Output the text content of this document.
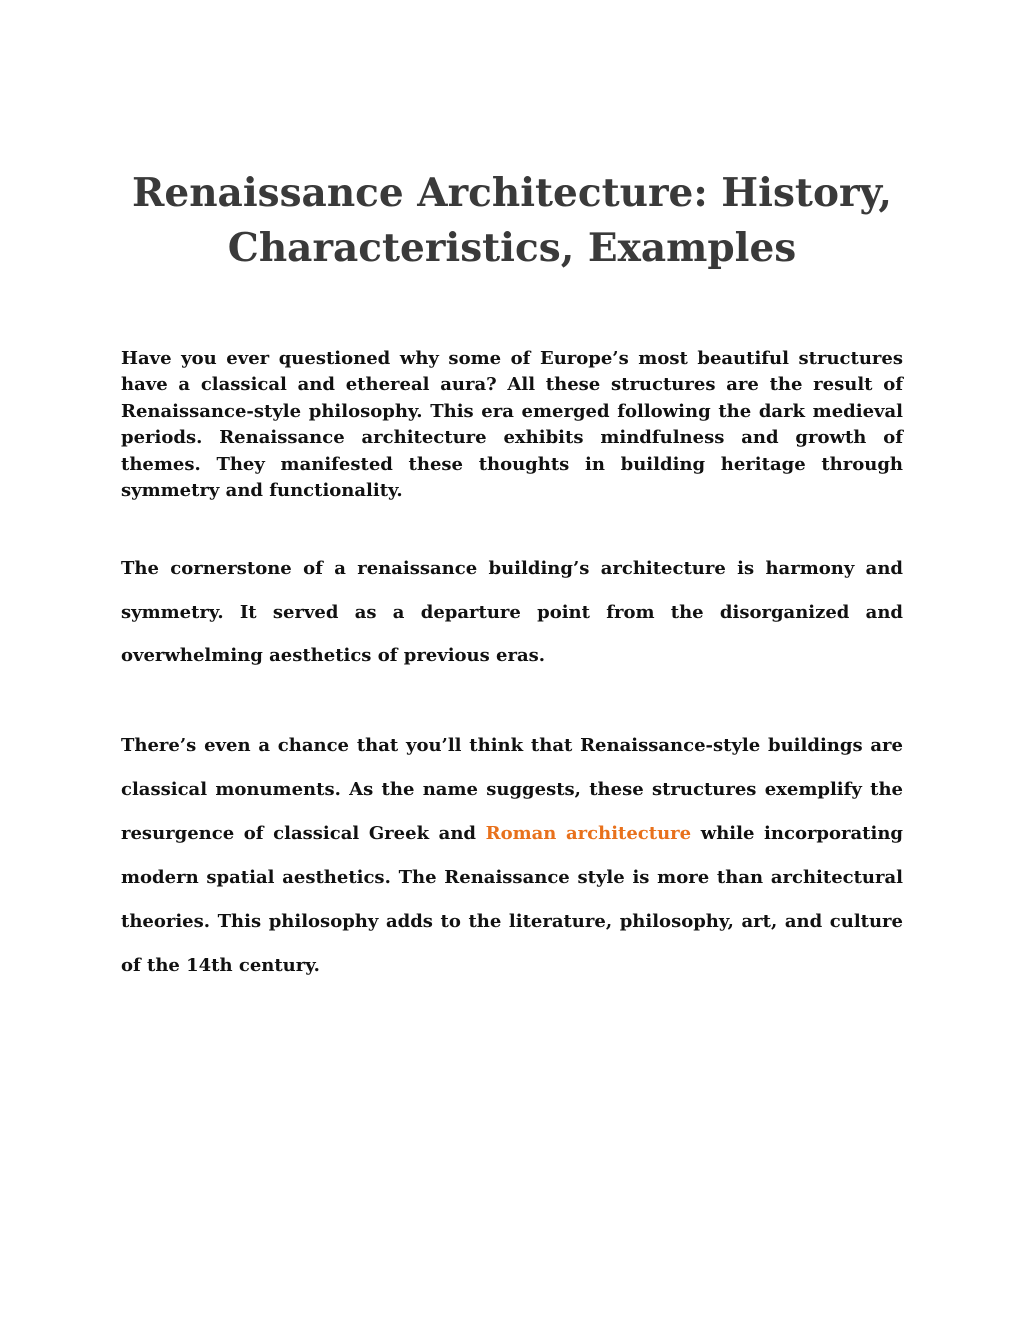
Renaissance Architecture: History,
Characteristics, Examples

Have you ever questioned why some of Europe’s most beautiful structures have a classical and ethereal aura? All these structures are the result of Renaissance-style philosophy. This era emerged following the dark medieval periods. Renaissance architecture exhibits mindfulness and growth of themes. They manifested these thoughts in building heritage through symmetry and functionality.

The cornerstone of a renaissance building’s architecture is harmony and symmetry. It served as a departure point from the disorganized and overwhelming aesthetics of previous eras.

There’s even a chance that you’ll think that Renaissance-style buildings are classical monuments. As the name suggests, these structures exemplify the resurgence of classical Greek and Roman architecture while incorporating modern spatial aesthetics. The Renaissance style is more than architectural theories. This philosophy adds to the literature, philosophy, art, and culture of the 14th century.
